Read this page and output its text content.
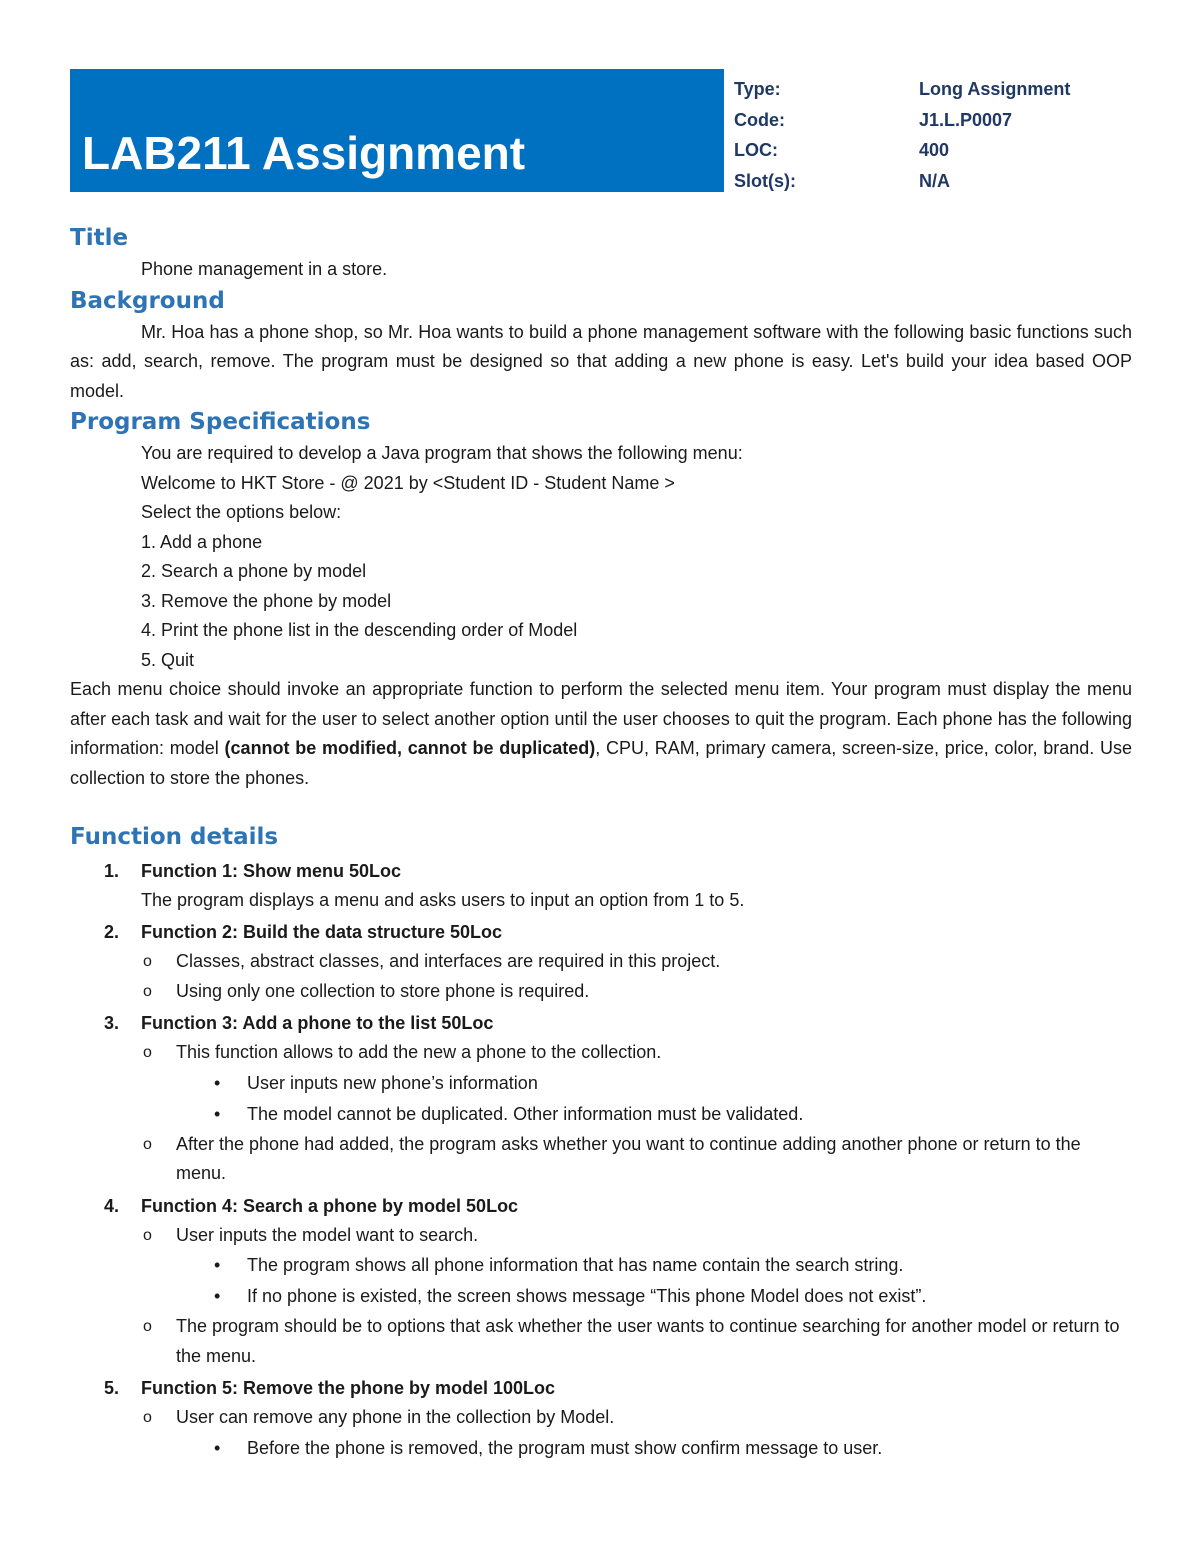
LAB211 Assignment
Type:	Long Assignment
Code:	J1.L.P0007
LOC:	400
Slot(s):	N/A
Title

Phone management in a store.

Background

Mr. Hoa has a phone shop, so Mr. Hoa wants to build a phone management software with the following basic functions such as: add, search, remove. The program must be designed so that adding a new phone is easy. Let's build your idea based OOP model.

Program Specifications
You are required to develop a Java program that shows the following menu:
Welcome to HKT Store - @ 2021 by <Student ID - Student Name >
Select the options below:
1. Add a phone
2. Search a phone by model
3. Remove the phone by model
4. Print the phone list in the descending order of Model
5. Quit

Each menu choice should invoke an appropriate function to perform the selected menu item. Your program must display the menu after each task and wait for the user to select another option until the user chooses to quit the program. Each phone has the following information: model (cannot be modified, cannot be duplicated), CPU, RAM, primary camera, screen-size, price, color, brand. Use collection to store the phones.

Function details
1. Function 1: Show menu 50Loc
The program displays a menu and asks users to input an option from 1 to 5.
2. Function 2: Build the data structure 50Loc
o Classes, abstract classes, and interfaces are required in this project.
o Using only one collection to store phone is required.
3. Function 3: Add a phone to the list 50Loc
o This function allows to add the new a phone to the collection.
• User inputs new phone’s information
• The model cannot be duplicated. Other information must be validated.
o After the phone had added, the program asks whether you want to continue adding another phone or return to the menu.
4. Function 4: Search a phone by model 50Loc
o User inputs the model want to search.
• The program shows all phone information that has name contain the search string.
• If no phone is existed, the screen shows message “This phone Model does not exist”.
o The program should be to options that ask whether the user wants to continue searching for another model or return to the menu.
5. Function 5: Remove the phone by model 100Loc
o User can remove any phone in the collection by Model.
• Before the phone is removed, the program must show confirm message to user.
